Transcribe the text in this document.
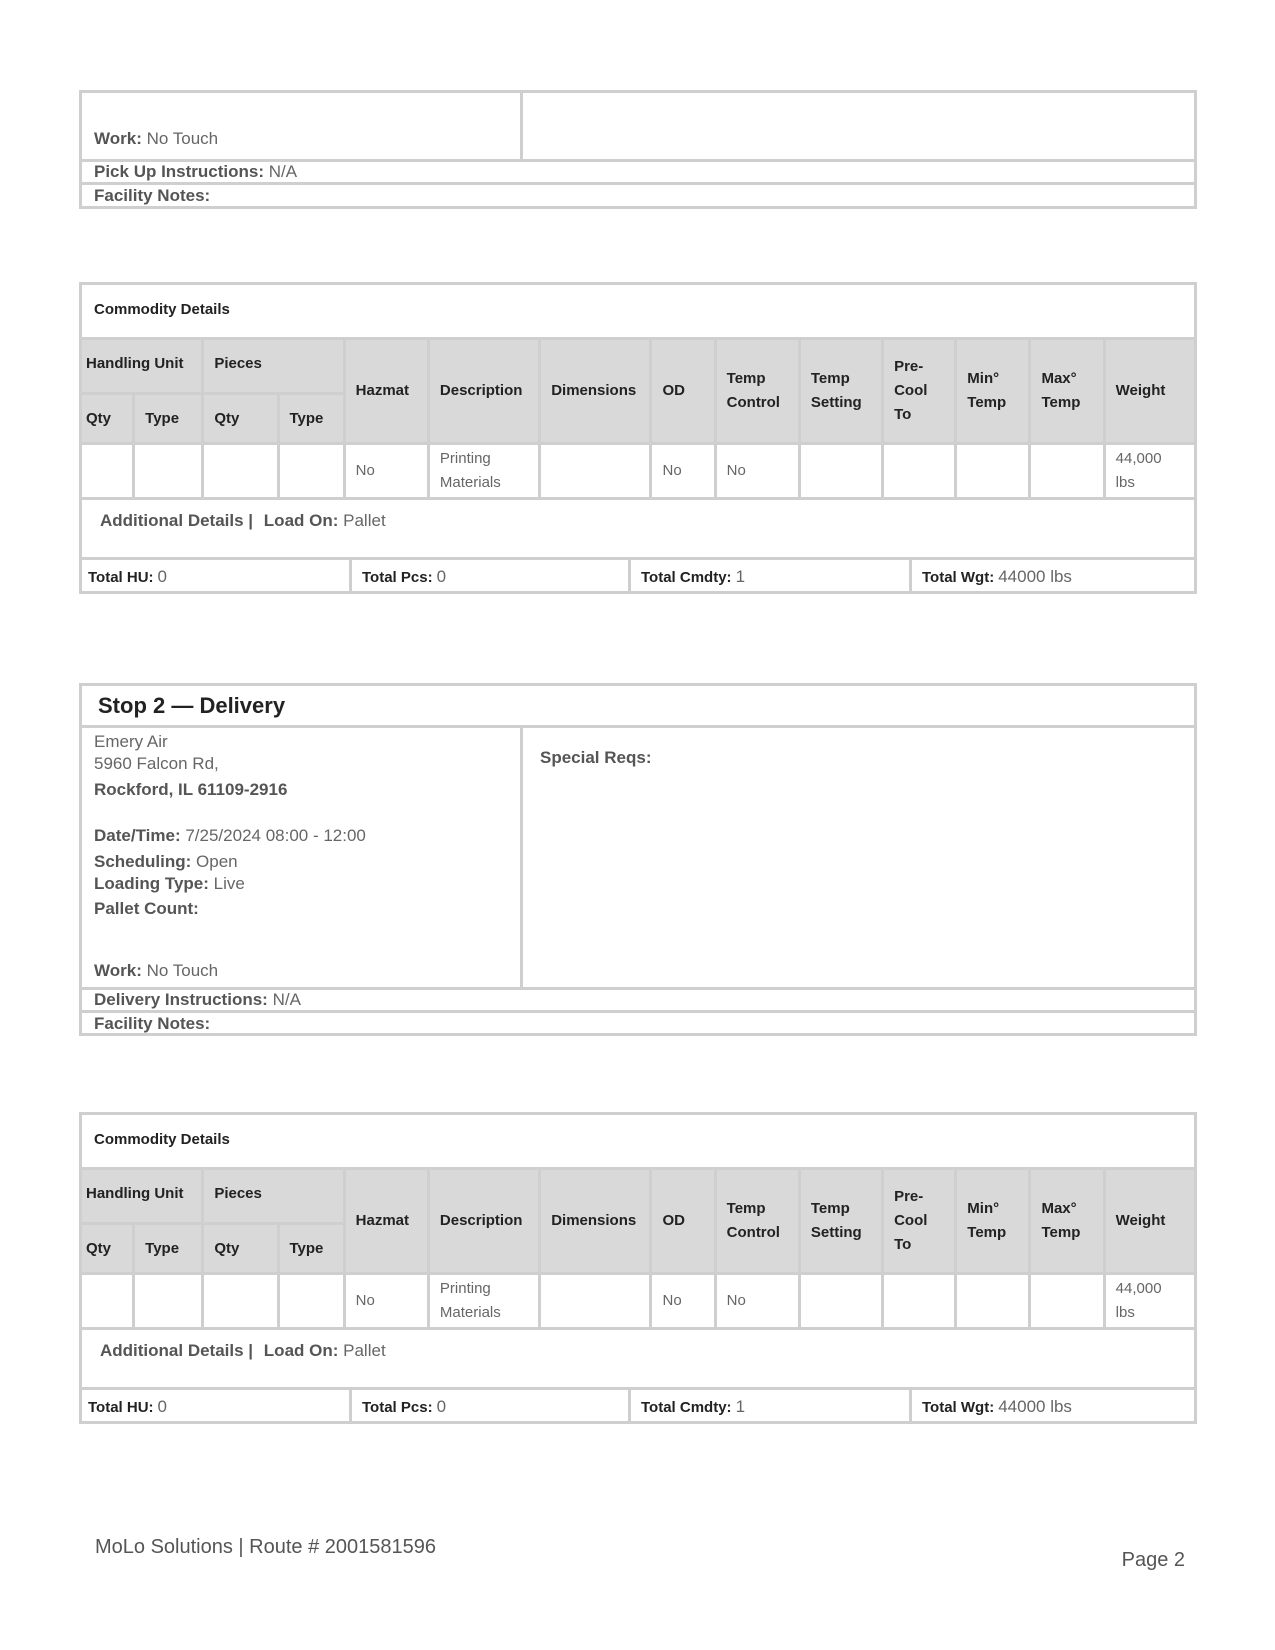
Work: No Touch
Pick Up Instructions: N/A
Facility Notes:
Commodity Details
Handling Unit		Pieces		Hazmat	Description	Dimensions	OD	Temp Control	Temp Setting	Pre-Cool To	Min° Temp	Max° Temp	Weight
Qty	Type	Qty	Type										
				No	Printing Materials		No	No					44,000 lbs
Additional Details | Load On: Pallet
Total HU: 0	Total Pcs: 0	Total Cmdty: 1	Total Wgt: 44000 lbs
Stop 2 — Delivery
Emery Air
5960 Falcon Rd,
Rockford, IL 61109-2916
Date/Time: 7/25/2024 08:00 - 12:00
Scheduling: Open
Loading Type: Live
Pallet Count:
Work: No Touch
Special Reqs:
Delivery Instructions: N/A
Facility Notes:
Commodity Details
Handling Unit		Pieces		Hazmat	Description	Dimensions	OD	Temp Control	Temp Setting	Pre-Cool To	Min° Temp	Max° Temp	Weight
Qty	Type	Qty	Type										
				No	Printing Materials		No	No					44,000 lbs
Additional Details | Load On: Pallet
Total HU: 0	Total Pcs: 0	Total Cmdty: 1	Total Wgt: 44000 lbs
MoLo Solutions | Route # 2001581596
Page 2
